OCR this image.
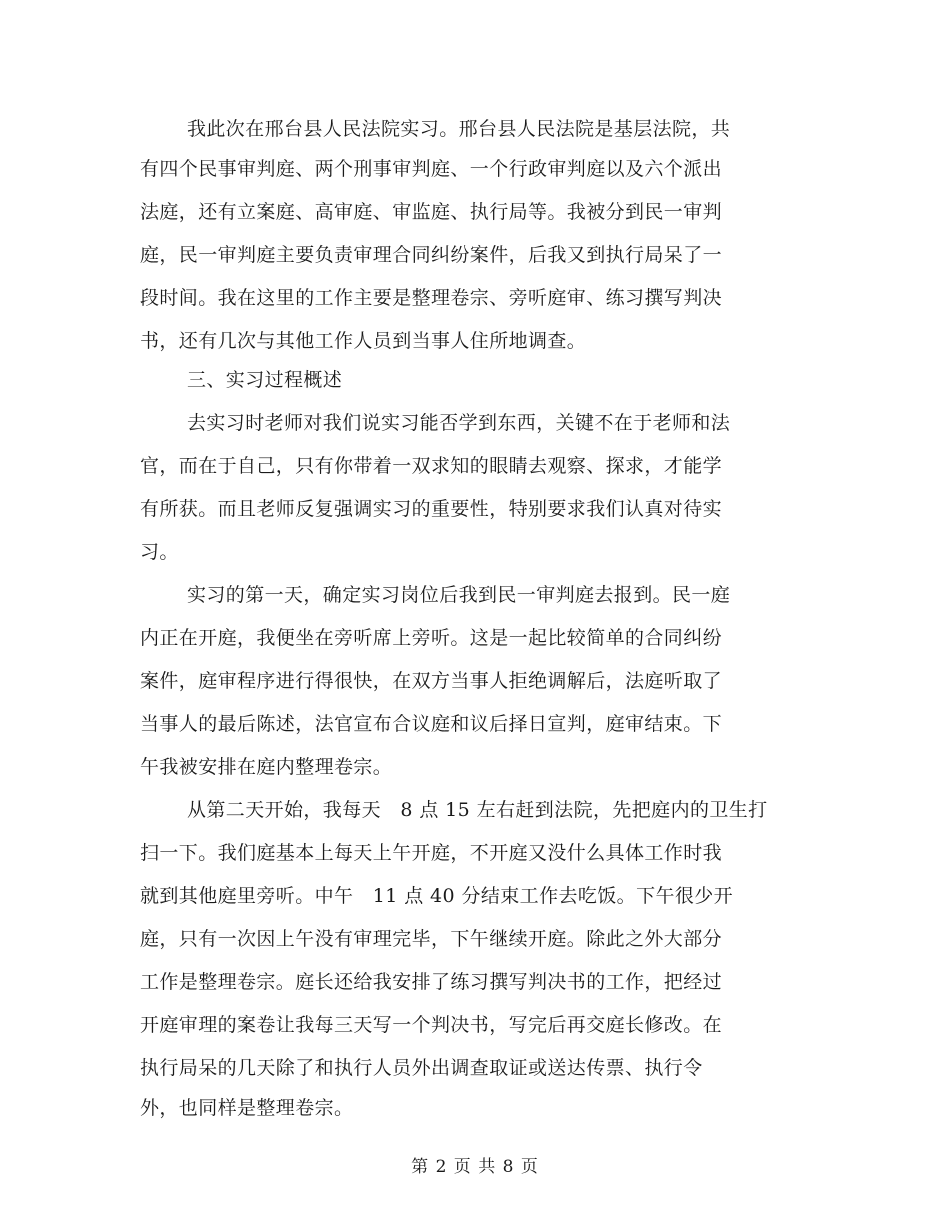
我此次在邢台县人民法院实习。邢台县人民法院是基层法院，共
有四个民事审判庭、两个刑事审判庭、一个行政审判庭以及六个派出
法庭，还有立案庭、高审庭、审监庭、执行局等。我被分到民一审判
庭，民一审判庭主要负责审理合同纠纷案件，后我又到执行局呆了一
段时间。我在这里的工作主要是整理卷宗、旁听庭审、练习撰写判决
书，还有几次与其他工作人员到当事人住所地调查。
三、实习过程概述
去实习时老师对我们说实习能否学到东西，关键不在于老师和法
官，而在于自己，只有你带着一双求知的眼睛去观察、探求，才能学
有所获。而且老师反复强调实习的重要性，特别要求我们认真对待实
习。
实习的第一天，确定实习岗位后我到民一审判庭去报到。民一庭
内正在开庭，我便坐在旁听席上旁听。这是一起比较简单的合同纠纷
案件，庭审程序进行得很快，在双方当事人拒绝调解后，法庭听取了
当事人的最后陈述，法官宣布合议庭和议后择日宣判，庭审结束。下
午我被安排在庭内整理卷宗。
从第二天开始，我每天　8 点 15 左右赶到法院，先把庭内的卫生打
扫一下。我们庭基本上每天上午开庭，不开庭又没什么具体工作时我
就到其他庭里旁听。中午　11 点 40 分结束工作去吃饭。下午很少开
庭，只有一次因上午没有审理完毕，下午继续开庭。除此之外大部分
工作是整理卷宗。庭长还给我安排了练习撰写判决书的工作，把经过
开庭审理的案卷让我每三天写一个判决书，写完后再交庭长修改。在
执行局呆的几天除了和执行人员外出调查取证或送达传票、执行令
外，也同样是整理卷宗。
第 2 页 共 8 页
